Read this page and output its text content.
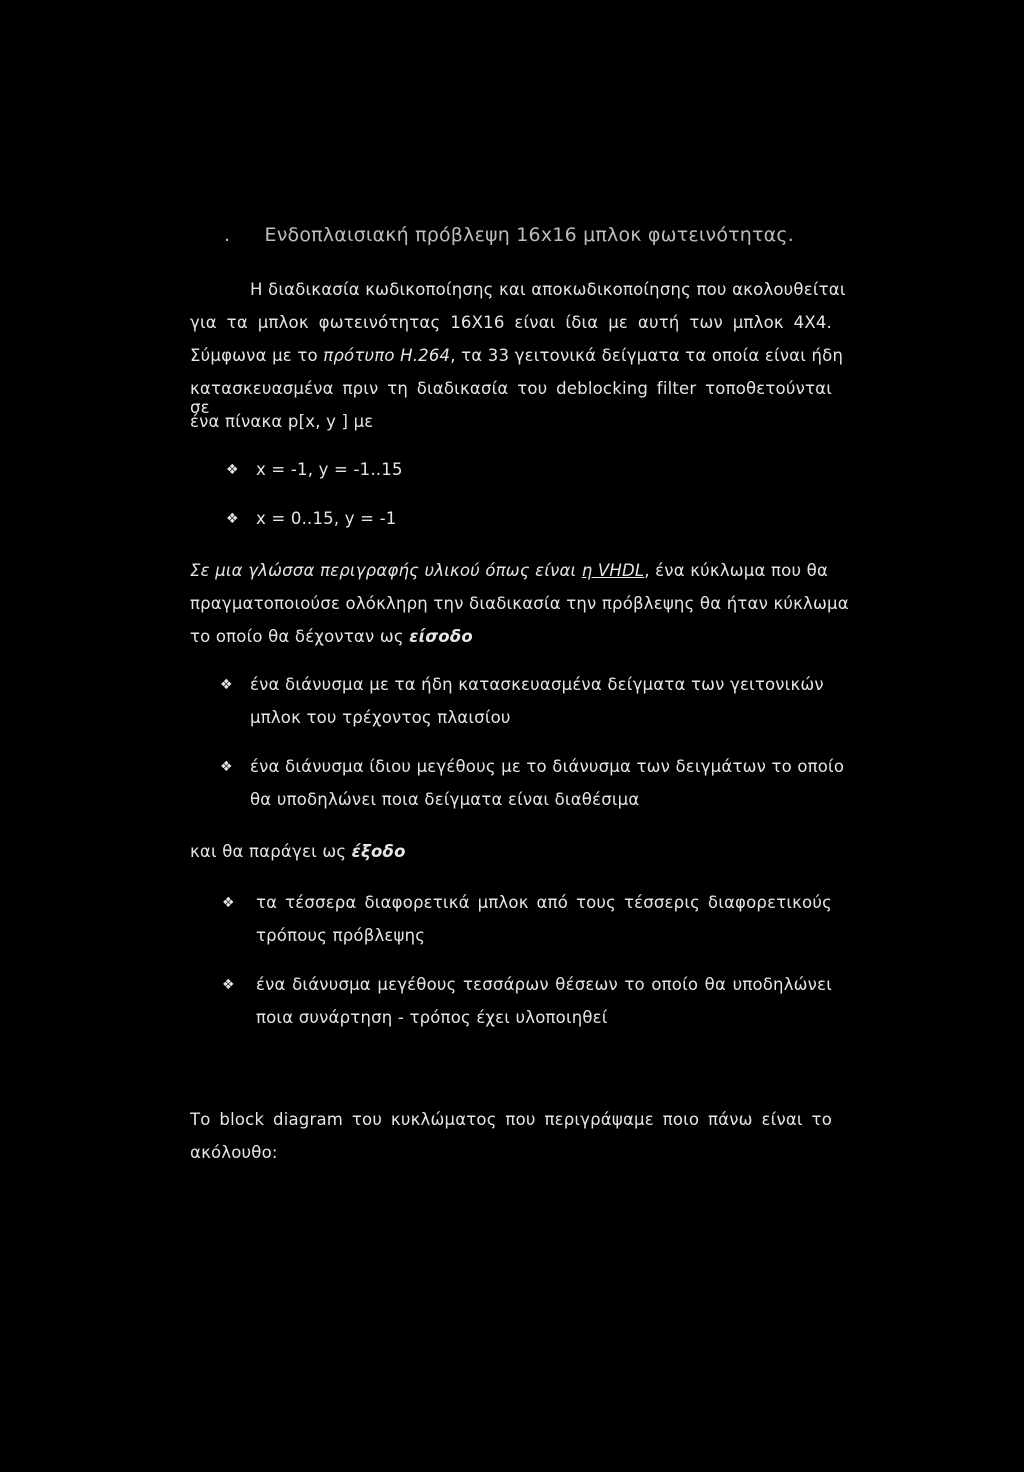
. Ενδοπλαισιακή πρόβλεψη 16x16 μπλοκ φωτεινότητας.
Η διαδικασία κωδικοποίησης και αποκωδικοποίησης που ακολουθείται
για τα μπλοκ φωτεινότητας 16X16 είναι ίδια με αυτή των μπλοκ 4X4.
Σύμφωνα με το πρότυπο H.264, τα 33 γειτονικά δείγματα τα οποία είναι ήδη
κατασκευασμένα πριν τη διαδικασία του deblocking filter τοποθετούνται σε
ένα πίνακα p[x, y ] με
❖ x = -1, y = -1..15
❖ x = 0..15, y = -1
Σε μια γλώσσα περιγραφής υλικού όπως είναι η VHDL, ένα κύκλωμα που θα
πραγματοποιούσε ολόκληρη την διαδικασία την πρόβλεψης θα ήταν κύκλωμα
το οποίο θα δέχονταν ως είσοδο
❖ ένα διάνυσμα με τα ήδη κατασκευασμένα δείγματα των γειτονικών
μπλοκ του τρέχοντος πλαισίου
❖ ένα διάνυσμα ίδιου μεγέθους με το διάνυσμα των δειγμάτων το οποίο
θα υποδηλώνει ποια δείγματα είναι διαθέσιμα
και θα παράγει ως έξοδο
❖ τα τέσσερα διαφορετικά μπλοκ από τους τέσσερις διαφορετικούς
τρόπους πρόβλεψης
❖ ένα διάνυσμα μεγέθους τεσσάρων θέσεων το οποίο θα υποδηλώνει
ποια συνάρτηση - τρόπος έχει υλοποιηθεί
Το block diagram του κυκλώματος που περιγράψαμε ποιο πάνω είναι το
ακόλουθο:
